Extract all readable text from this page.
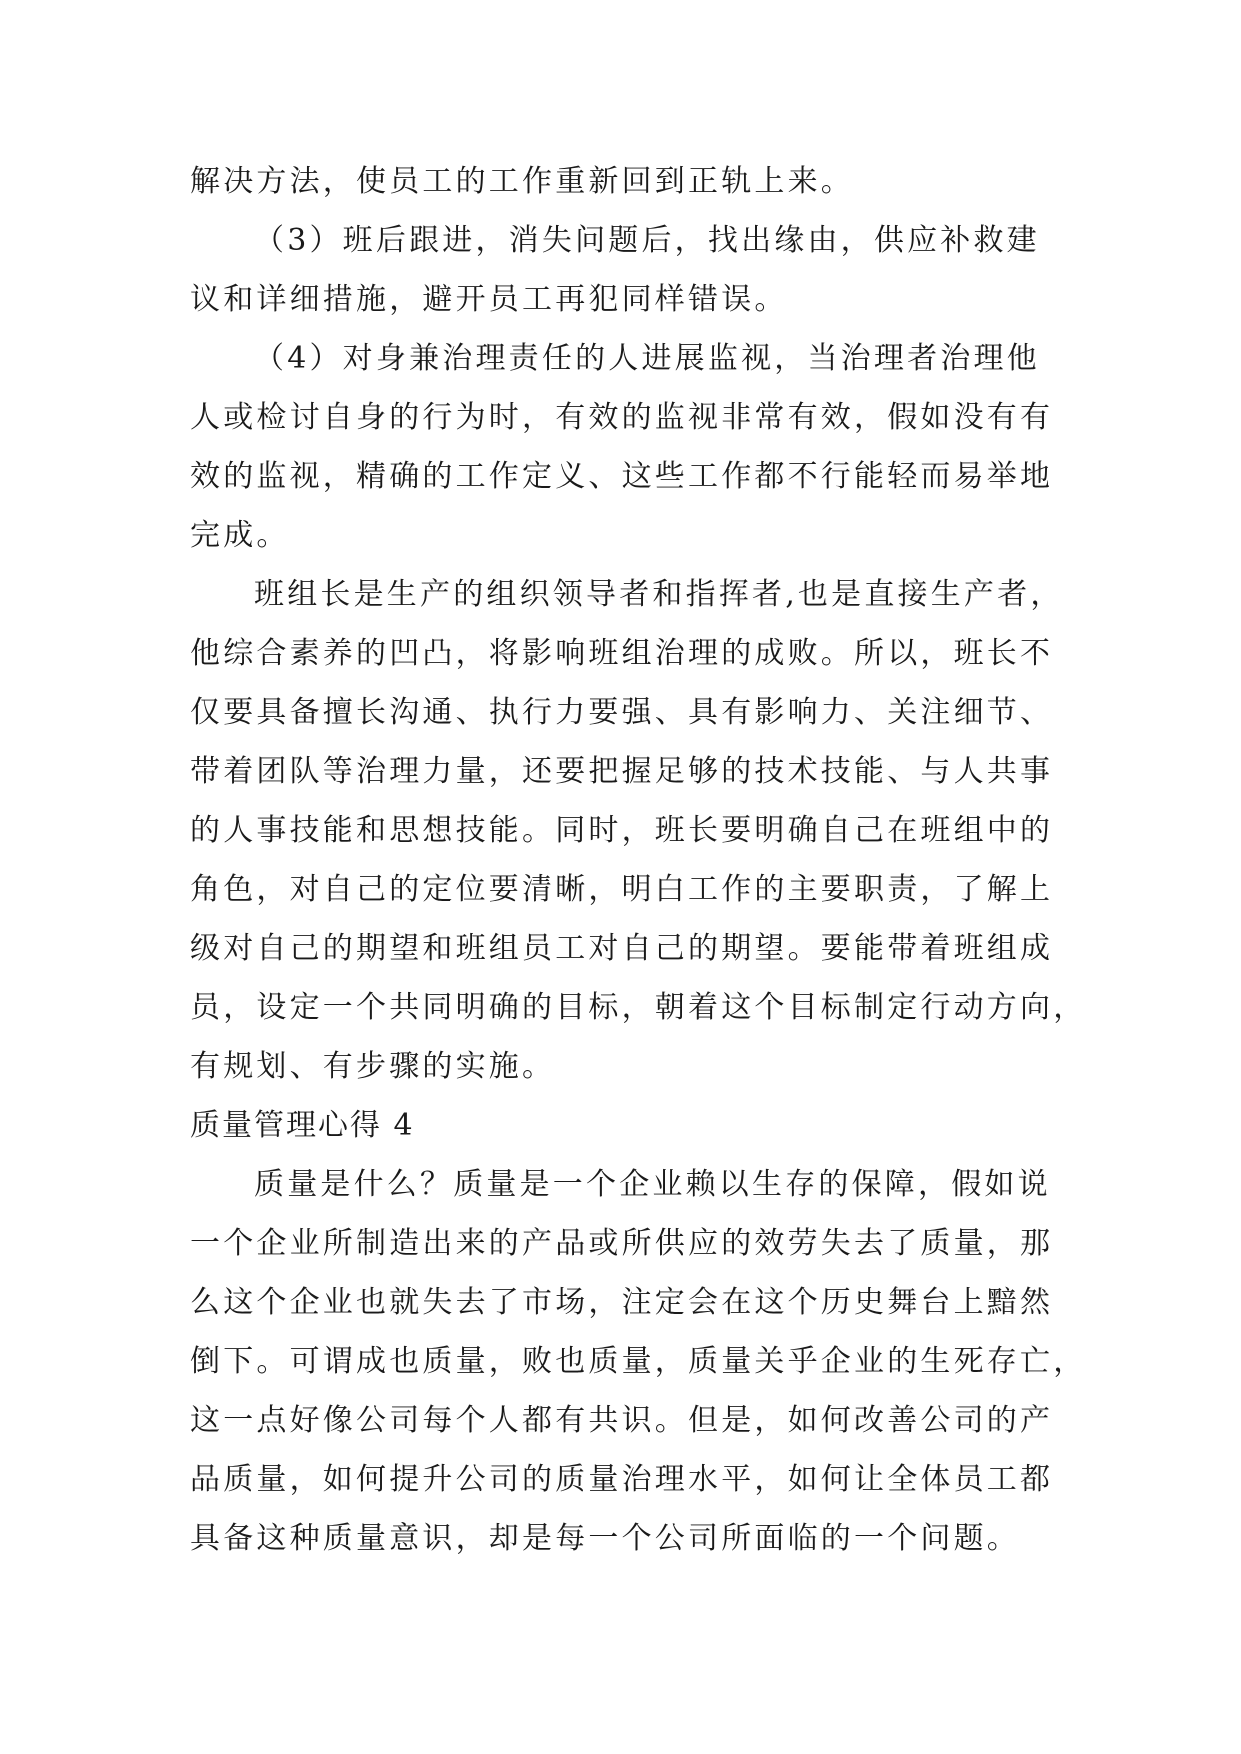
解决方法，使员工的工作重新回到正轨上来。
（3）班后跟进，消失问题后，找出缘由，供应补救建
议和详细措施，避开员工再犯同样错误。
（4）对身兼治理责任的人进展监视，当治理者治理他
人或检讨自身的行为时，有效的监视非常有效，假如没有有
效的监视，精确的工作定义、这些工作都不行能轻而易举地
完成。
班组长是生产的组织领导者和指挥者,也是直接生产者，
他综合素养的凹凸，将影响班组治理的成败。所以，班长不
仅要具备擅长沟通、执行力要强、具有影响力、关注细节、
带着团队等治理力量，还要把握足够的技术技能、与人共事
的人事技能和思想技能。同时，班长要明确自己在班组中的
角色，对自己的定位要清晰，明白工作的主要职责，了解上
级对自己的期望和班组员工对自己的期望。要能带着班组成
员，设定一个共同明确的目标，朝着这个目标制定行动方向，
有规划、有步骤的实施。
质量管理心得 4
质量是什么？质量是一个企业赖以生存的保障，假如说
一个企业所制造出来的产品或所供应的效劳失去了质量，那
么这个企业也就失去了市场，注定会在这个历史舞台上黯然
倒下。可谓成也质量，败也质量，质量关乎企业的生死存亡，
这一点好像公司每个人都有共识。但是，如何改善公司的产
品质量，如何提升公司的质量治理水平，如何让全体员工都
具备这种质量意识，却是每一个公司所面临的一个问题。
